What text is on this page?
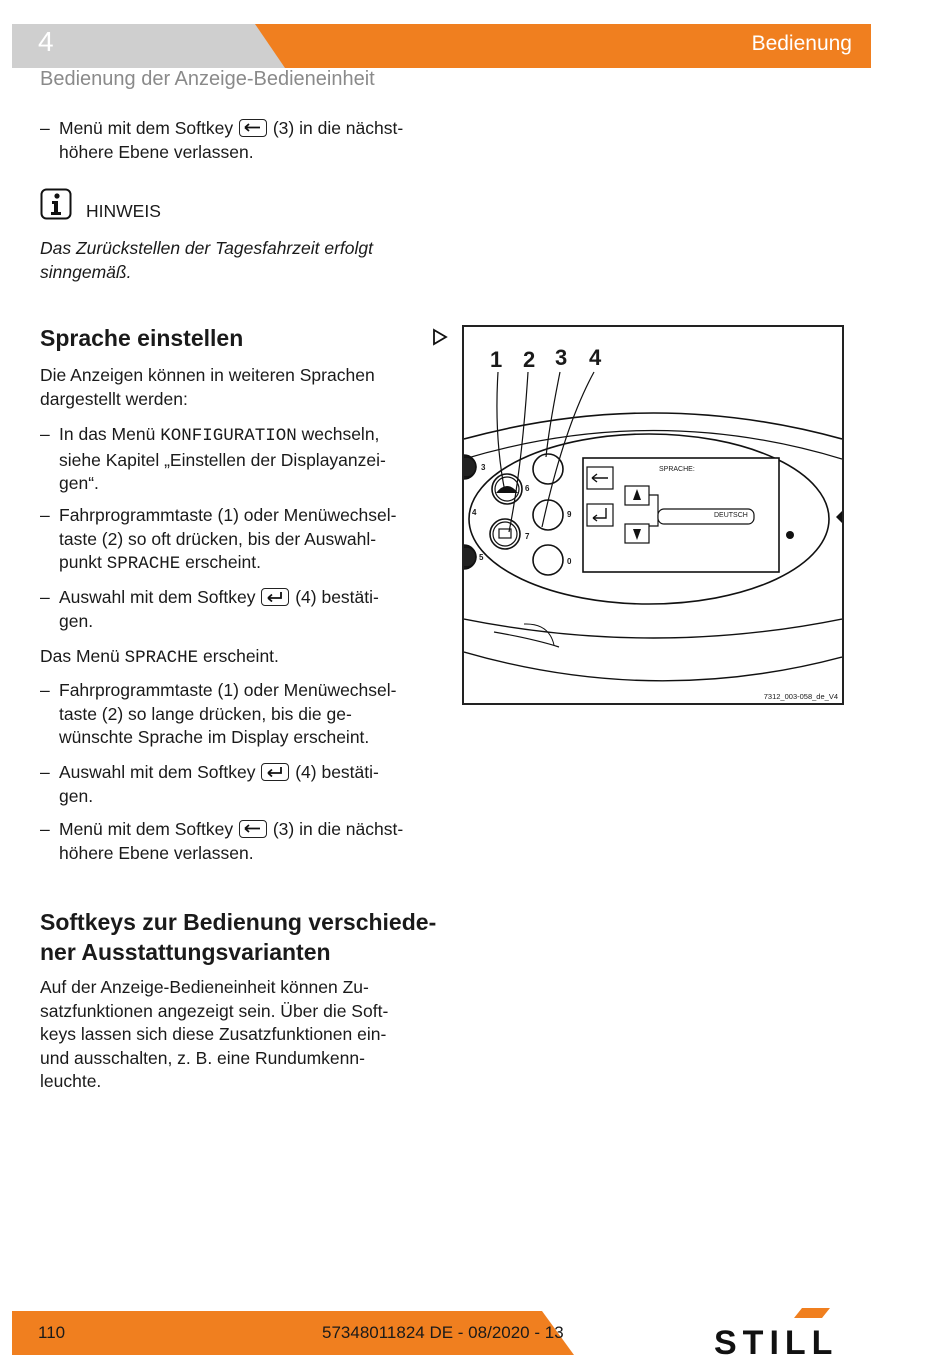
4	Bedienung
Bedienung der Anzeige-Bedieneinheit
– Menü mit dem Softkey (3) in die nächst-
höhere Ebene verlassen.
HINWEIS
Das Zurückstellen der Tagesfahrzeit erfolgt
sinngemäß.
Sprache einstellen
Die Anzeigen können in weiteren Sprachen
dargestellt werden:
– In das Menü KONFIGURATION wechseln,
siehe Kapitel „Einstellen der Displayanzei-
gen“.
– Fahrprogrammtaste (1) oder Menüwechsel-
taste (2) so oft drücken, bis der Auswahl-
punkt SPRACHE erscheint.
– Auswahl mit dem Softkey (4) bestäti-
gen.
Das Menü SPRACHE erscheint.
– Fahrprogrammtaste (1) oder Menüwechsel-
taste (2) so lange drücken, bis die ge-
wünschte Sprache im Display erscheint.
– Auswahl mit dem Softkey (4) bestäti-
gen.
– Menü mit dem Softkey (3) in die nächst-
höhere Ebene verlassen.
1 2 3 4
3
6
4
7
5
9
0
SPRACHE:
DEUTSCH
7312_003-058_de_V4
Softkeys zur Bedienung verschiede-
ner Ausstattungsvarianten
Auf der Anzeige-Bedieneinheit können Zu-
satzfunktionen angezeigt sein. Über die Soft-
keys lassen sich diese Zusatzfunktionen ein-
und ausschalten, z. B. eine Rundumkenn-
leuchte.
110	57348011824 DE - 08/2020 - 13	STILL
